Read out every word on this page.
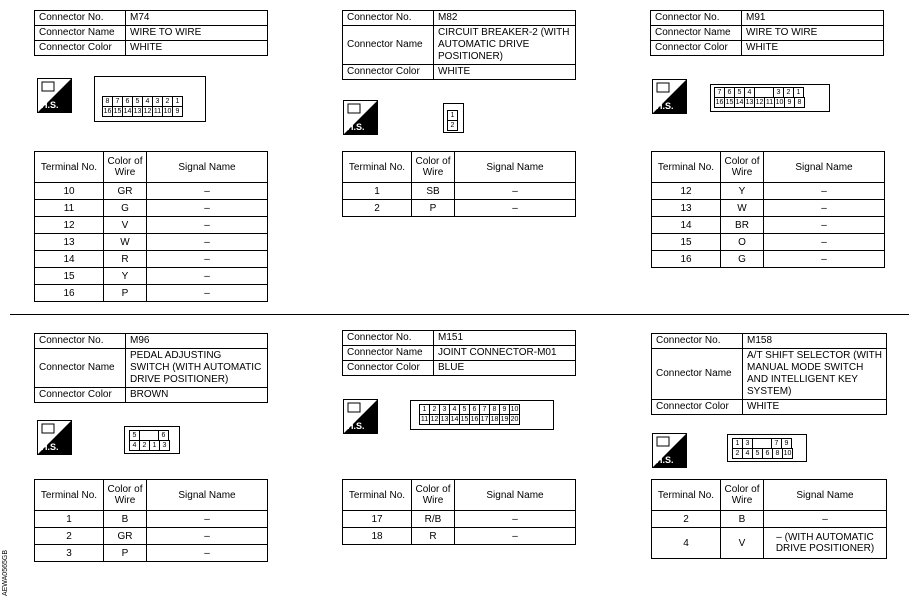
Connector No.	M74
Connector Name	WIRE TO WIRE
Connector Color	WHITE
H.S.	8 7 6 5 4 3 2 1
16 15 14 13 12 11 10 9
Terminal No.	Color of Wire	Signal Name
10	GR	–
11	G	–
12	V	–
13	W	–
14	R	–
15	Y	–
16	P	–
Connector No.	M82
Connector Name	CIRCUIT BREAKER-2 (WITH AUTOMATIC DRIVE POSITIONER)
Connector Color	WHITE
H.S.
1
2
Terminal No.	Color of Wire	Signal Name
1	SB	–
2	P	–
Connector No.	M91
Connector Name	WIRE TO WIRE
Connector Color	WHITE
H.S.
7 6 5 4	3 2 1
16 15 14 13 12 11 10 9 8
Terminal No.	Color of Wire	Signal Name
12	Y	–
13	W	–
14	BR	–
15	O	–
16	G	–
Connector No.	M96
Connector Name	PEDAL ADJUSTING SWITCH (WITH AUTOMATIC DRIVE POSITIONER)
Connector Color	BROWN
H.S.
5	6
4 2 1 3
Terminal No.	Color of Wire	Signal Name
1	B	–
2	GR	–
3	P	–
Connector No.	M151
Connector Name	JOINT CONNECTOR-M01
Connector Color	BLUE
H.S.
1 2 3 4 5 6 7 8 9 10
11 12 13 14 15 16 17 18 19 20
Terminal No.	Color of Wire	Signal Name
17	R/B	–
18	R	–
Connector No.	M158
Connector Name	A/T SHIFT SELECTOR (WITH MANUAL MODE SWITCH AND INTELLIGENT KEY SYSTEM)
Connector Color	WHITE
H.S.
1 3	7 9
2 4 5 6 8 10
Terminal No.	Color of Wire	Signal Name
2	B	–
4	V	– (WITH AUTOMATIC DRIVE POSITIONER)
AEWA0565GB
